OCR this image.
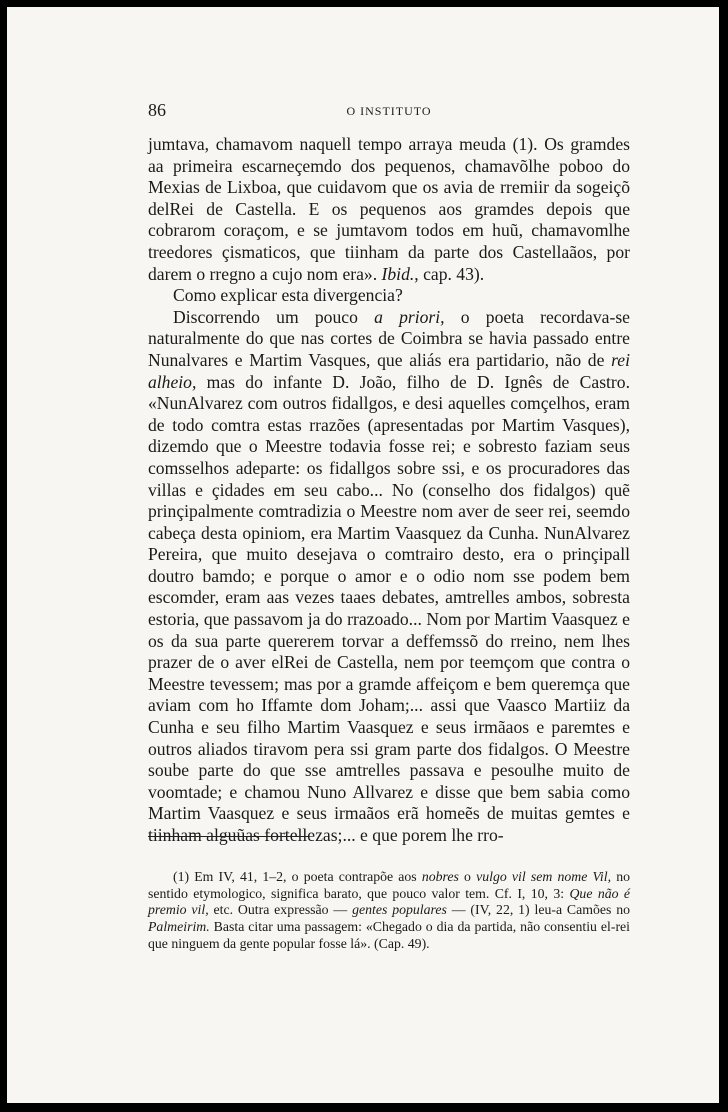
86	O INSTITUTO

jumtava, chamavom naquell tempo arraya meuda (1). Os gramdes aa primeira escarneçemdo dos pequenos, chamavõlhe poboo do Mexias de Lixboa, que cuidavom que os avia de rremiir da sogeiçõ delRei de Castella. E os pequenos aos gramdes depois que cobrarom coraçom, e se jumtavom todos em huũ, chamavomlhe treedores çismaticos, que tiinham da parte dos Castellaãos, por darem o rregno a cujo nom era». Ibid., cap. 43).

Como explicar esta divergencia?

Discorrendo um pouco a priori, o poeta recordava-se naturalmente do que nas cortes de Coimbra se havia passado entre Nunalvares e Martim Vasques, que aliás era partidario, não de rei alheio, mas do infante D. João, filho de D. Ignês de Castro. «NunAlvarez com outros fidallgos, e desi aquelles comçelhos, eram de todo comtra estas rrazões (apresentadas por Martim Vasques), dizemdo que o Meestre todavia fosse rei; e sobresto faziam seus comsselhos adeparte: os fidallgos sobre ssi, e os procuradores das villas e çidades em seu cabo... No (conselho dos fidalgos) quẽ prinçipalmente comtradizia o Meestre nom aver de seer rei, seemdo cabeça desta opiniom, era Martim Vaasquez da Cunha. NunAlvarez Pereira, que muito desejava o comtrairo desto, era o prinçipall doutro bamdo; e porque o amor e o odio nom sse podem bem escomder, eram aas vezes taaes debates, amtrelles ambos, sobresta estoria, que passavom ja do rrazoado... Nom por Martim Vaasquez e os da sua parte quererem torvar a deffemssõ do rreino, nem lhes prazer de o aver elRei de Castella, nem por teemçom que contra o Meestre tevessem; mas por a gramde affeiçom e bem queremça que aviam com ho Iffamte dom Joham;... assi que Vaasco Martiiz da Cunha e seu filho Martim Vaasquez e seus irmãaos e paremtes e outros aliados tiravom pera ssi gram parte dos fidalgos. O Meestre soube parte do que sse amtrelles passava e pesoulhe muito de voomtade; e chamou Nuno Allvarez e disse que bem sabia como Martim Vaasquez e seus irmaãos erã homeẽs de muitas gemtes e tiinham alguũas fortellezas;... e que porem lhe rro-

(1) Em IV, 41, 1–2, o poeta contrapõe aos nobres o vulgo vil sem nome Vil, no sentido etymologico, significa barato, que pouco valor tem. Cf. I, 10, 3: Que não é premio vil, etc. Outra expressão — gentes populares — (IV, 22, 1) leu-a Camões no Palmeirim. Basta citar uma passagem: «Chegado o dia da partida, não consentiu el-rei que ninguem da gente popular fosse lá». (Cap. 49).
